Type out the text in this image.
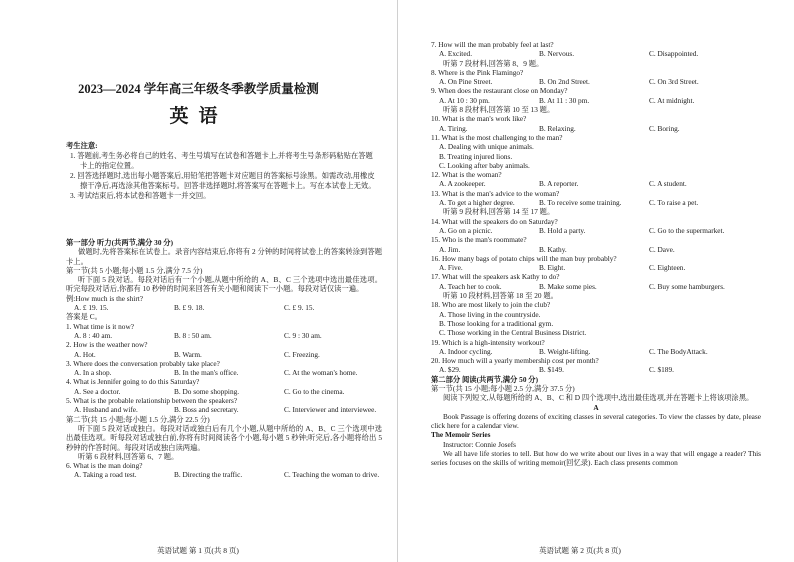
2023—2024 学年高三年级冬季教学质量检测
英语
考生注意:
1. 答题前,考生务必将自己的姓名、考生号填写在试卷和答题卡上,并将考生号条形码粘贴在答题卡上的指定位置。
2. 回答选择题时,选出每小题答案后,用铅笔把答题卡对应题目的答案标号涂黑。如需改动,用橡皮擦干净后,再选涂其他答案标号。回答非选择题时,将答案写在答题卡上。写在本试卷上无效。
3. 考试结束后,将本试卷和答题卡一并交回。
第一部分 听力(共两节,满分 30 分)
做题时,先将答案标在试卷上。录音内容结束后,你将有 2 分钟的时间将试卷上的答案转涂到答题卡上。
第一节(共 5 小题;每小题 1.5 分,满分 7.5 分)
听下面 5 段对话。每段对话后有一个小题,从题中所给的 A、B、C 三个选项中选出最佳选项。听完每段对话后,你都有 10 秒钟的时间来回答有关小题和阅读下一小题。每段对话仅读一遍。
例:How much is the shirt?
A. £ 19. 15.	B. £ 9. 18.	C. £ 9. 15.
答案是 C。
1. What time is it now?
A. 8 : 40 am.	B. 8 : 50 am.	C. 9 : 30 am.
2. How is the weather now?
A. Hot.	B. Warm.	C. Freezing.
3. Where does the conversation probably take place?
A. In a shop.	B. In the man's office.	C. At the woman's home.
4. What is Jennifer going to do this Saturday?
A. See a doctor.	B. Do some shopping.	C. Go to the cinema.
5. What is the probable relationship between the speakers?
A. Husband and wife.	B. Boss and secretary.	C. Interviewer and interviewee.
第二节(共 15 小题;每小题 1.5 分,满分 22.5 分)
听下面 5 段对话或独白。每段对话或独白后有几个小题,从题中所给的 A、B、C 三个选项中选出最佳选项。听每段对话或独白前,你将有时间阅读各个小题,每小题 5 秒钟;听完后,各小题将给出 5 秒钟的作答时间。每段对话或独白读两遍。
听第 6 段材料,回答第 6、7 题。
6. What is the man doing?
A. Taking a road test.	B. Directing the traffic.	C. Teaching the woman to drive.
英语试题 第 1 页(共 8 页)
7. How will the man probably feel at last?
A. Excited.	B. Nervous.	C. Disappointed.
听第 7 段材料,回答第 8、9 题。
8. Where is the Pink Flamingo?
A. On Pine Street.	B. On 2nd Street.	C. On 3rd Street.
9. When does the restaurant close on Monday?
A. At 10 : 30 pm.	B. At 11 : 30 pm.	C. At midnight.
听第 8 段材料,回答第 10 至 13 题。
10. What is the man's work like?
A. Tiring.	B. Relaxing.	C. Boring.
11. What is the most challenging to the man?
A. Dealing with unique animals.
B. Treating injured lions.
C. Looking after baby animals.
12. What is the woman?
A. A zookeeper.	B. A reporter.	C. A student.
13. What is the man's advice to the woman?
A. To get a higher degree.	B. To receive some training.	C. To raise a pet.
听第 9 段材料,回答第 14 至 17 题。
14. What will the speakers do on Saturday?
A. Go on a picnic.	B. Hold a party.	C. Go to the supermarket.
15. Who is the man's roommate?
A. Jim.	B. Kathy.	C. Dave.
16. How many bags of potato chips will the man buy probably?
A. Five.	B. Eight.	C. Eighteen.
17. What will the speakers ask Kathy to do?
A. Teach her to cook.	B. Make some pies.	C. Buy some hamburgers.
听第 10 段材料,回答第 18 至 20 题。
18. Who are most likely to join the club?
A. Those living in the countryside.
B. Those looking for a traditional gym.
C. Those working in the Central Business District.
19. Which is a high-intensity workout?
A. Indoor cycling.	B. Weight-lifting.	C. The BodyAttack.
20. How much will a yearly membership cost per month?
A. $29.	B. $149.	C. $189.
第二部分 阅读(共两节,满分 50 分)
第一节(共 15 小题;每小题 2.5 分,满分 37.5 分)
阅读下列短文,从每题所给的 A、B、C 和 D 四个选项中,选出最佳选项,并在答题卡上将该项涂黑。
A
Book Passage is offering dozens of exciting classes in several categories. To view the classes by date, please click here for a calendar view.
The Memoir Series
Instructor: Connie Josefs
We all have life stories to tell. But how do we write about our lives in a way that will engage a reader? This series focuses on the skills of writing memoir(回忆录). Each class presents common
英语试题 第 2 页(共 8 页)
